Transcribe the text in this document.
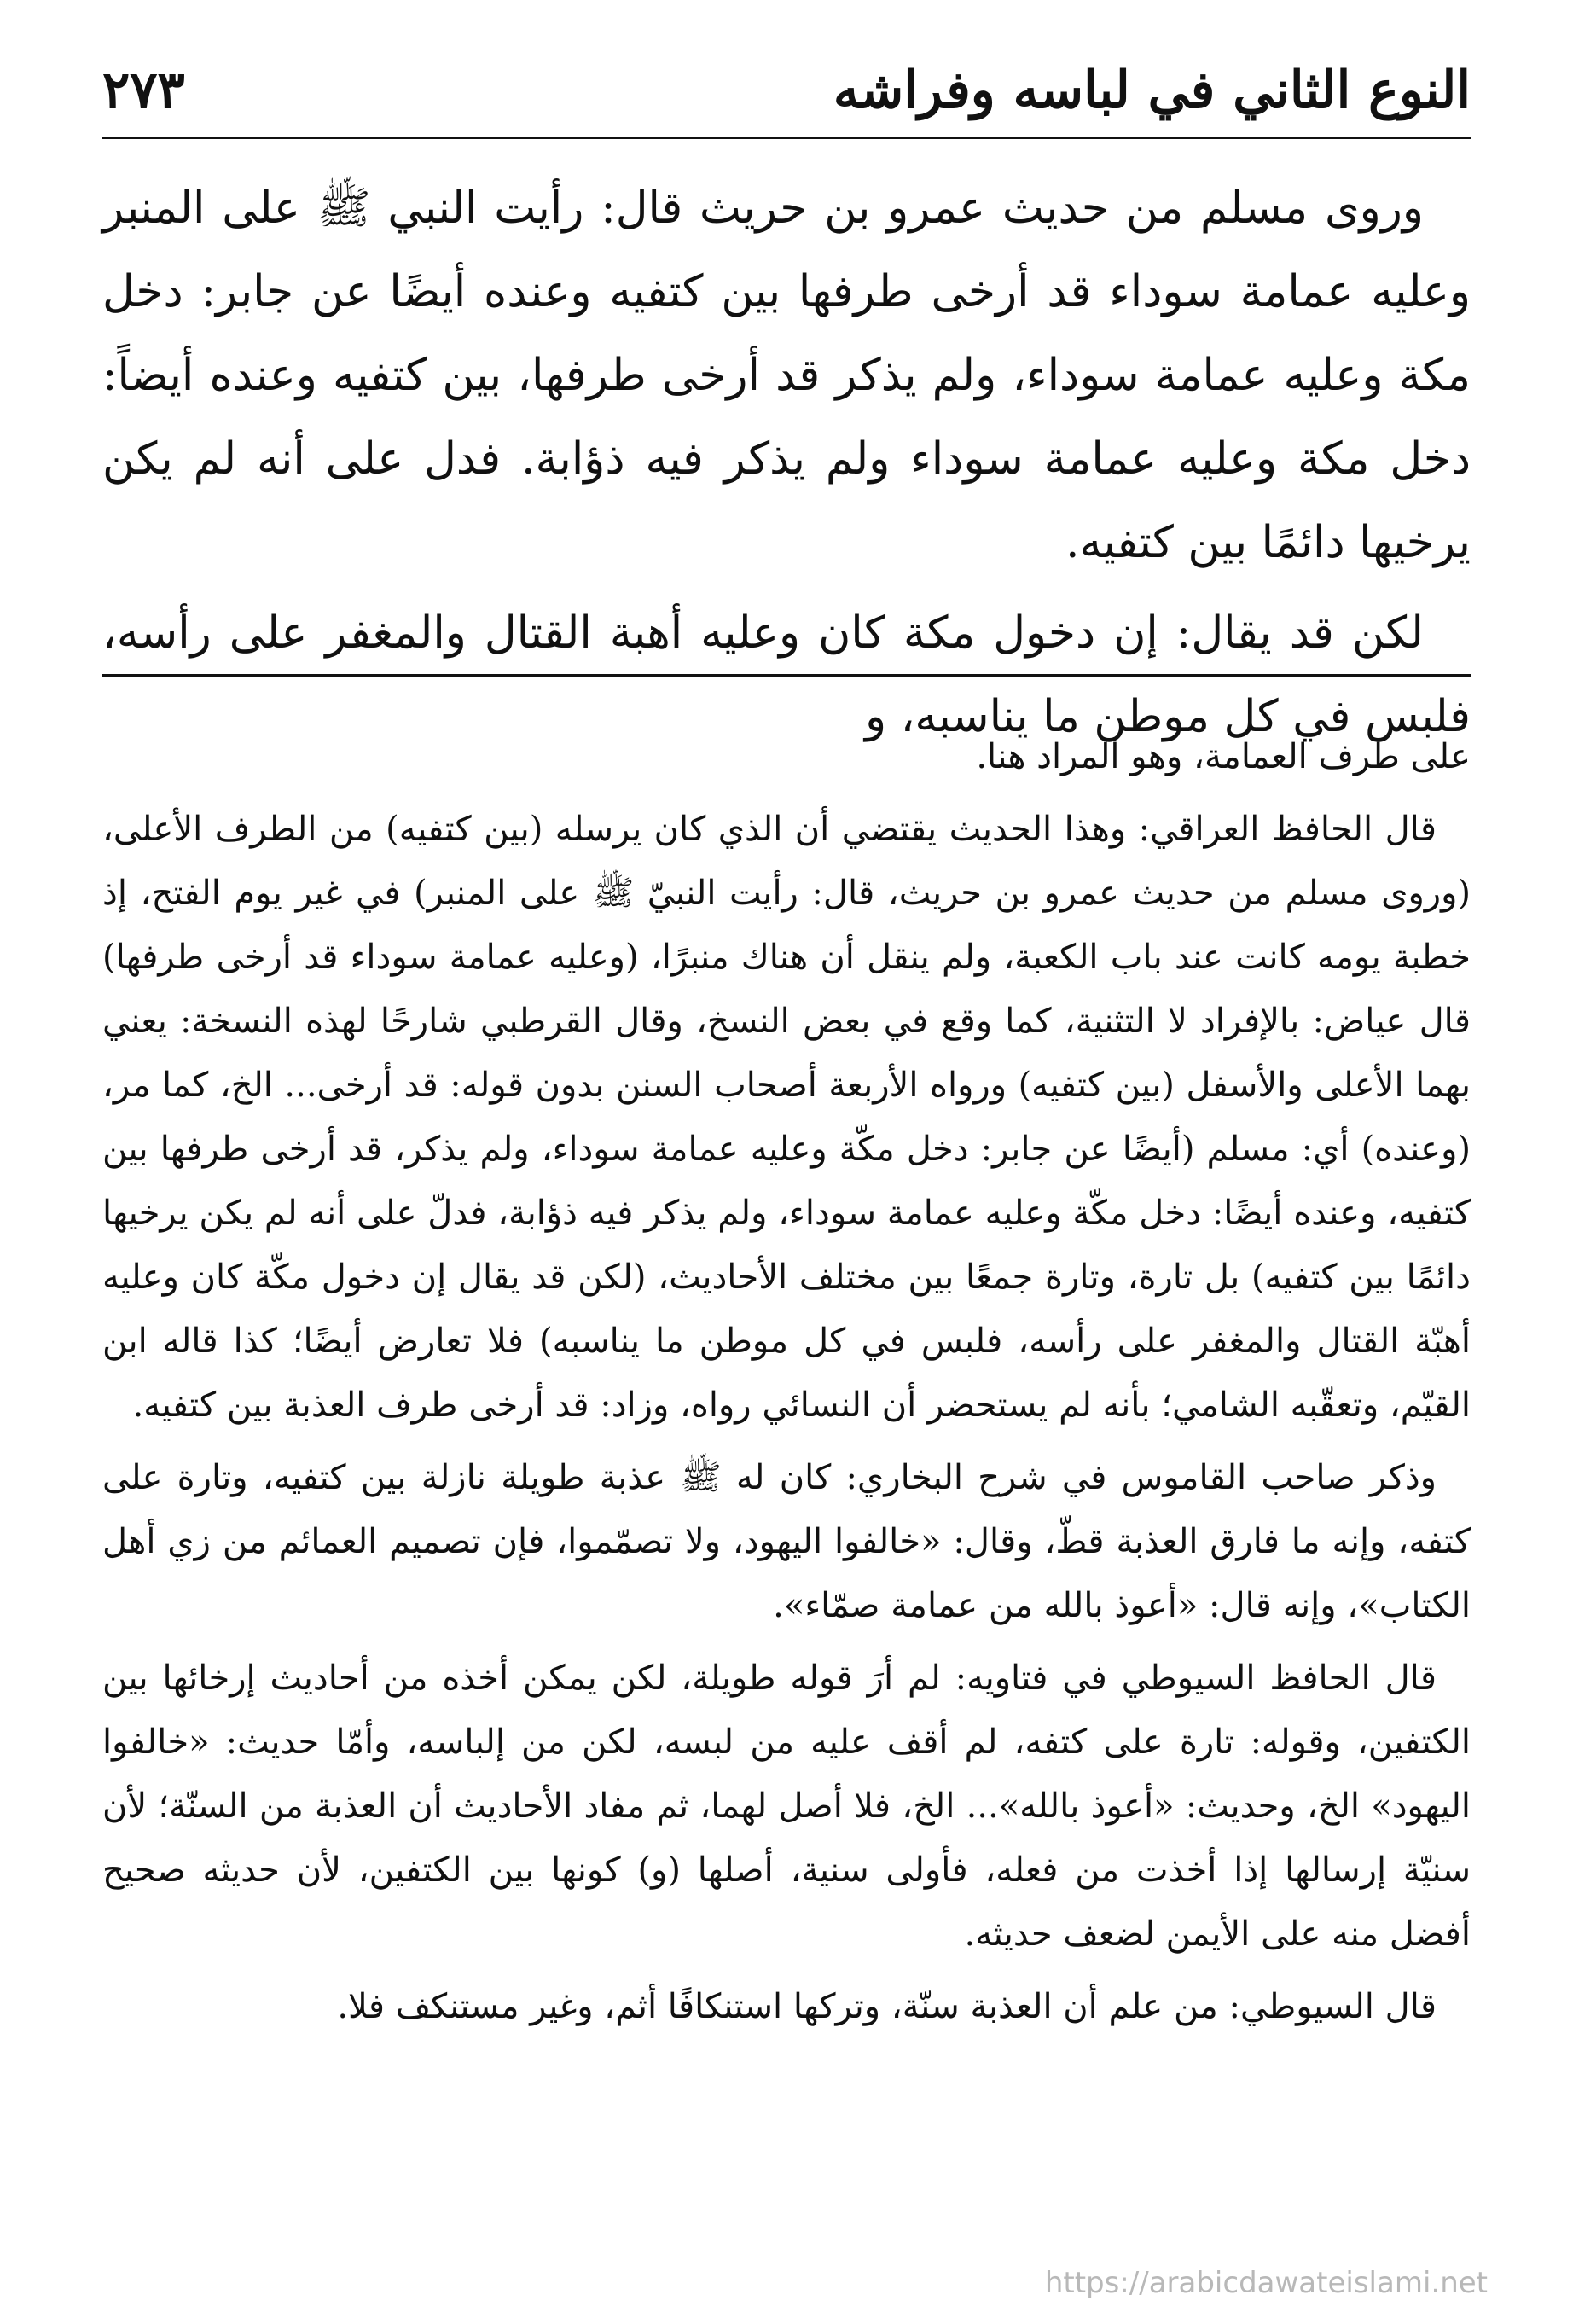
النوع الثاني في لباسه وفراشه
٢٧٣

وروى مسلم من حديث عمرو بن حريث قال: رأيت النبي ﷺ على المنبر وعليه عمامة سوداء قد أرخى طرفها بين كتفيه وعنده أيضًا عن جابر: دخل مكة وعليه عمامة سوداء، ولم يذكر قد أرخى طرفها، بين كتفيه وعنده أيضاً: دخل مكة وعليه عمامة سوداء ولم يذكر فيه ذؤابة. فدل على أنه لم يكن يرخيها دائمًا بين كتفيه.

لكن قد يقال: إن دخول مكة كان وعليه أهبة القتال والمغفر على رأسه، فلبس في كل موطن ما يناسبه، و

على طرف العمامة، وهو المراد هنا.

قال الحافظ العراقي: وهذا الحديث يقتضي أن الذي كان يرسله (بين كتفيه) من الطرف الأعلى، (وروى مسلم من حديث عمرو بن حريث، قال: رأيت النبيّ ﷺ على المنبر) في غير يوم الفتح، إذ خطبة يومه كانت عند باب الكعبة، ولم ينقل أن هناك منبرًا، (وعليه عمامة سوداء قد أرخى طرفها) قال عياض: بالإفراد لا التثنية، كما وقع في بعض النسخ، وقال القرطبي شارحًا لهذه النسخة: يعني بهما الأعلى والأسفل (بين كتفيه) ورواه الأربعة أصحاب السنن بدون قوله: قد أرخى... الخ، كما مر، (وعنده) أي: مسلم (أيضًا عن جابر: دخل مكّة وعليه عمامة سوداء، ولم يذكر، قد أرخى طرفها بين كتفيه، وعنده أيضًا: دخل مكّة وعليه عمامة سوداء، ولم يذكر فيه ذؤابة، فدلّ على أنه لم يكن يرخيها دائمًا بين كتفيه) بل تارة، وتارة جمعًا بين مختلف الأحاديث، (لكن قد يقال إن دخول مكّة كان وعليه أهبّة القتال والمغفر على رأسه، فلبس في كل موطن ما يناسبه) فلا تعارض أيضًا؛ كذا قاله ابن القيّم، وتعقّبه الشامي؛ بأنه لم يستحضر أن النسائي رواه، وزاد: قد أرخى طرف العذبة بين كتفيه.

وذكر صاحب القاموس في شرح البخاري: كان له ﷺ عذبة طويلة نازلة بين كتفيه، وتارة على كتفه، وإنه ما فارق العذبة قطّ، وقال: «خالفوا اليهود، ولا تصمّموا، فإن تصميم العمائم من زي أهل الكتاب»، وإنه قال: «أعوذ بالله من عمامة صمّاء».

قال الحافظ السيوطي في فتاويه: لم أرَ قوله طويلة، لكن يمكن أخذه من أحاديث إرخائها بين الكتفين، وقوله: تارة على كتفه، لم أقف عليه من لبسه، لكن من إلباسه، وأمّا حديث: «خالفوا اليهود» الخ، وحديث: «أعوذ بالله»... الخ، فلا أصل لهما، ثم مفاد الأحاديث أن العذبة من السنّة؛ لأن سنيّة إرسالها إذا أخذت من فعله، فأولى سنية، أصلها (و) كونها بين الكتفين، لأن حديثه صحيح أفضل منه على الأيمن لضعف حديثه.

قال السيوطي: من علم أن العذبة سنّة، وتركها استنكافًا أثم، وغير مستنكف فلا.

https://arabicdawateislami.net
